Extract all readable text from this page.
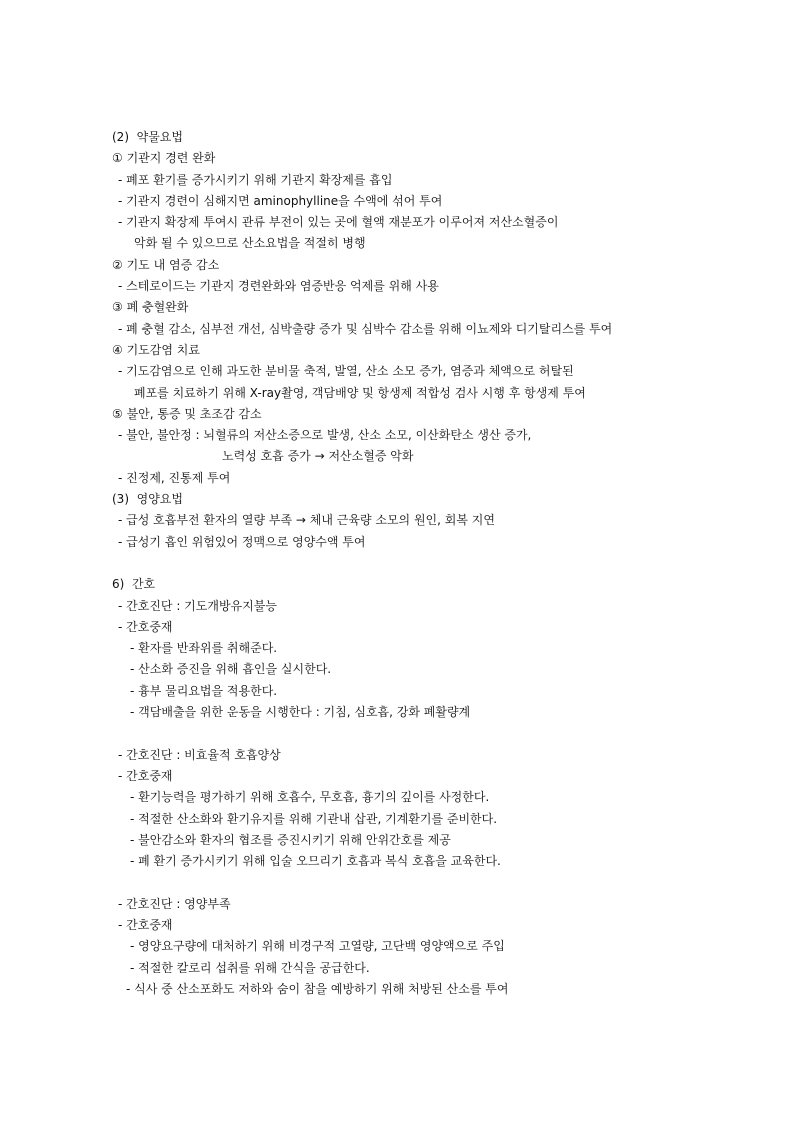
(2)  약물요법
① 기관지 경련 완화
- 폐포 환기를 증가시키기 위해 기관지 확장제를 흡입
- 기관지 경련이 심해지면 aminophylline을 수액에 섞어 투여
- 기관지 확장제 투여시 관류 부전이 있는 곳에 혈액 재분포가 이루어져 저산소혈증이
악화 될 수 있으므로 산소요법을 적절히 병행
② 기도 내 염증 감소
- 스테로이드는 기관지 경련완화와 염증반응 억제를 위해 사용
③ 폐 충혈완화
- 폐 충혈 감소, 심부전 개선, 심박출량 증가 및 심박수 감소를 위해 이뇨제와 디기탈리스를 투여
④ 기도감염 치료
- 기도감염으로 인해 과도한 분비물 축적, 발열, 산소 소모 증가, 염증과 체액으로 허탈된
폐포를 치료하기 위해 X-ray촬영, 객담배양 및 항생제 적합성 검사 시행 후 항생제 투여
⑤ 불안, 통증 및 초조감 감소
- 불안, 불안정 : 뇌혈류의 저산소증으로 발생, 산소 소모, 이산화탄소 생산 증가,
노력성 호흡 증가 → 저산소혈증 악화
- 진정제, 진통제 투여
(3)  영양요법
- 급성 호흡부전 환자의 열량 부족 → 체내 근육량 소모의 원인, 회복 지연
- 급성기 흡인 위험있어 정맥으로 영양수액 투여
6)  간호
- 간호진단 : 기도개방유지불능
- 간호중재
- 환자를 반좌위를 취해준다.
- 산소화 증진을 위해 흡인을 실시한다.
- 흉부 물리요법을 적용한다.
- 객담배출을 위한 운동을 시행한다 : 기침, 심호흡, 강화 폐활량계
- 간호진단 : 비효율적 호흡양상
- 간호중재
- 환기능력을 평가하기 위해 호흡수, 무호흡, 흉기의 깊이를 사정한다.
- 적절한 산소화와 환기유지를 위해 기관내 삽관, 기계환기를 준비한다.
- 불안감소와 환자의 협조를 증진시키기 위해 안위간호를 제공
- 폐 환기 증가시키기 위해 입술 오므리기 호흡과 복식 호흡을 교육한다.
- 간호진단 : 영양부족
- 간호중재
- 영양요구량에 대처하기 위해 비경구적 고열량, 고단백 영양액으로 주입
- 적절한 칼로리 섭취를 위해 간식을 공급한다.
- 식사 중 산소포화도 저하와 숨이 참을 예방하기 위해 처방된 산소를 투여
